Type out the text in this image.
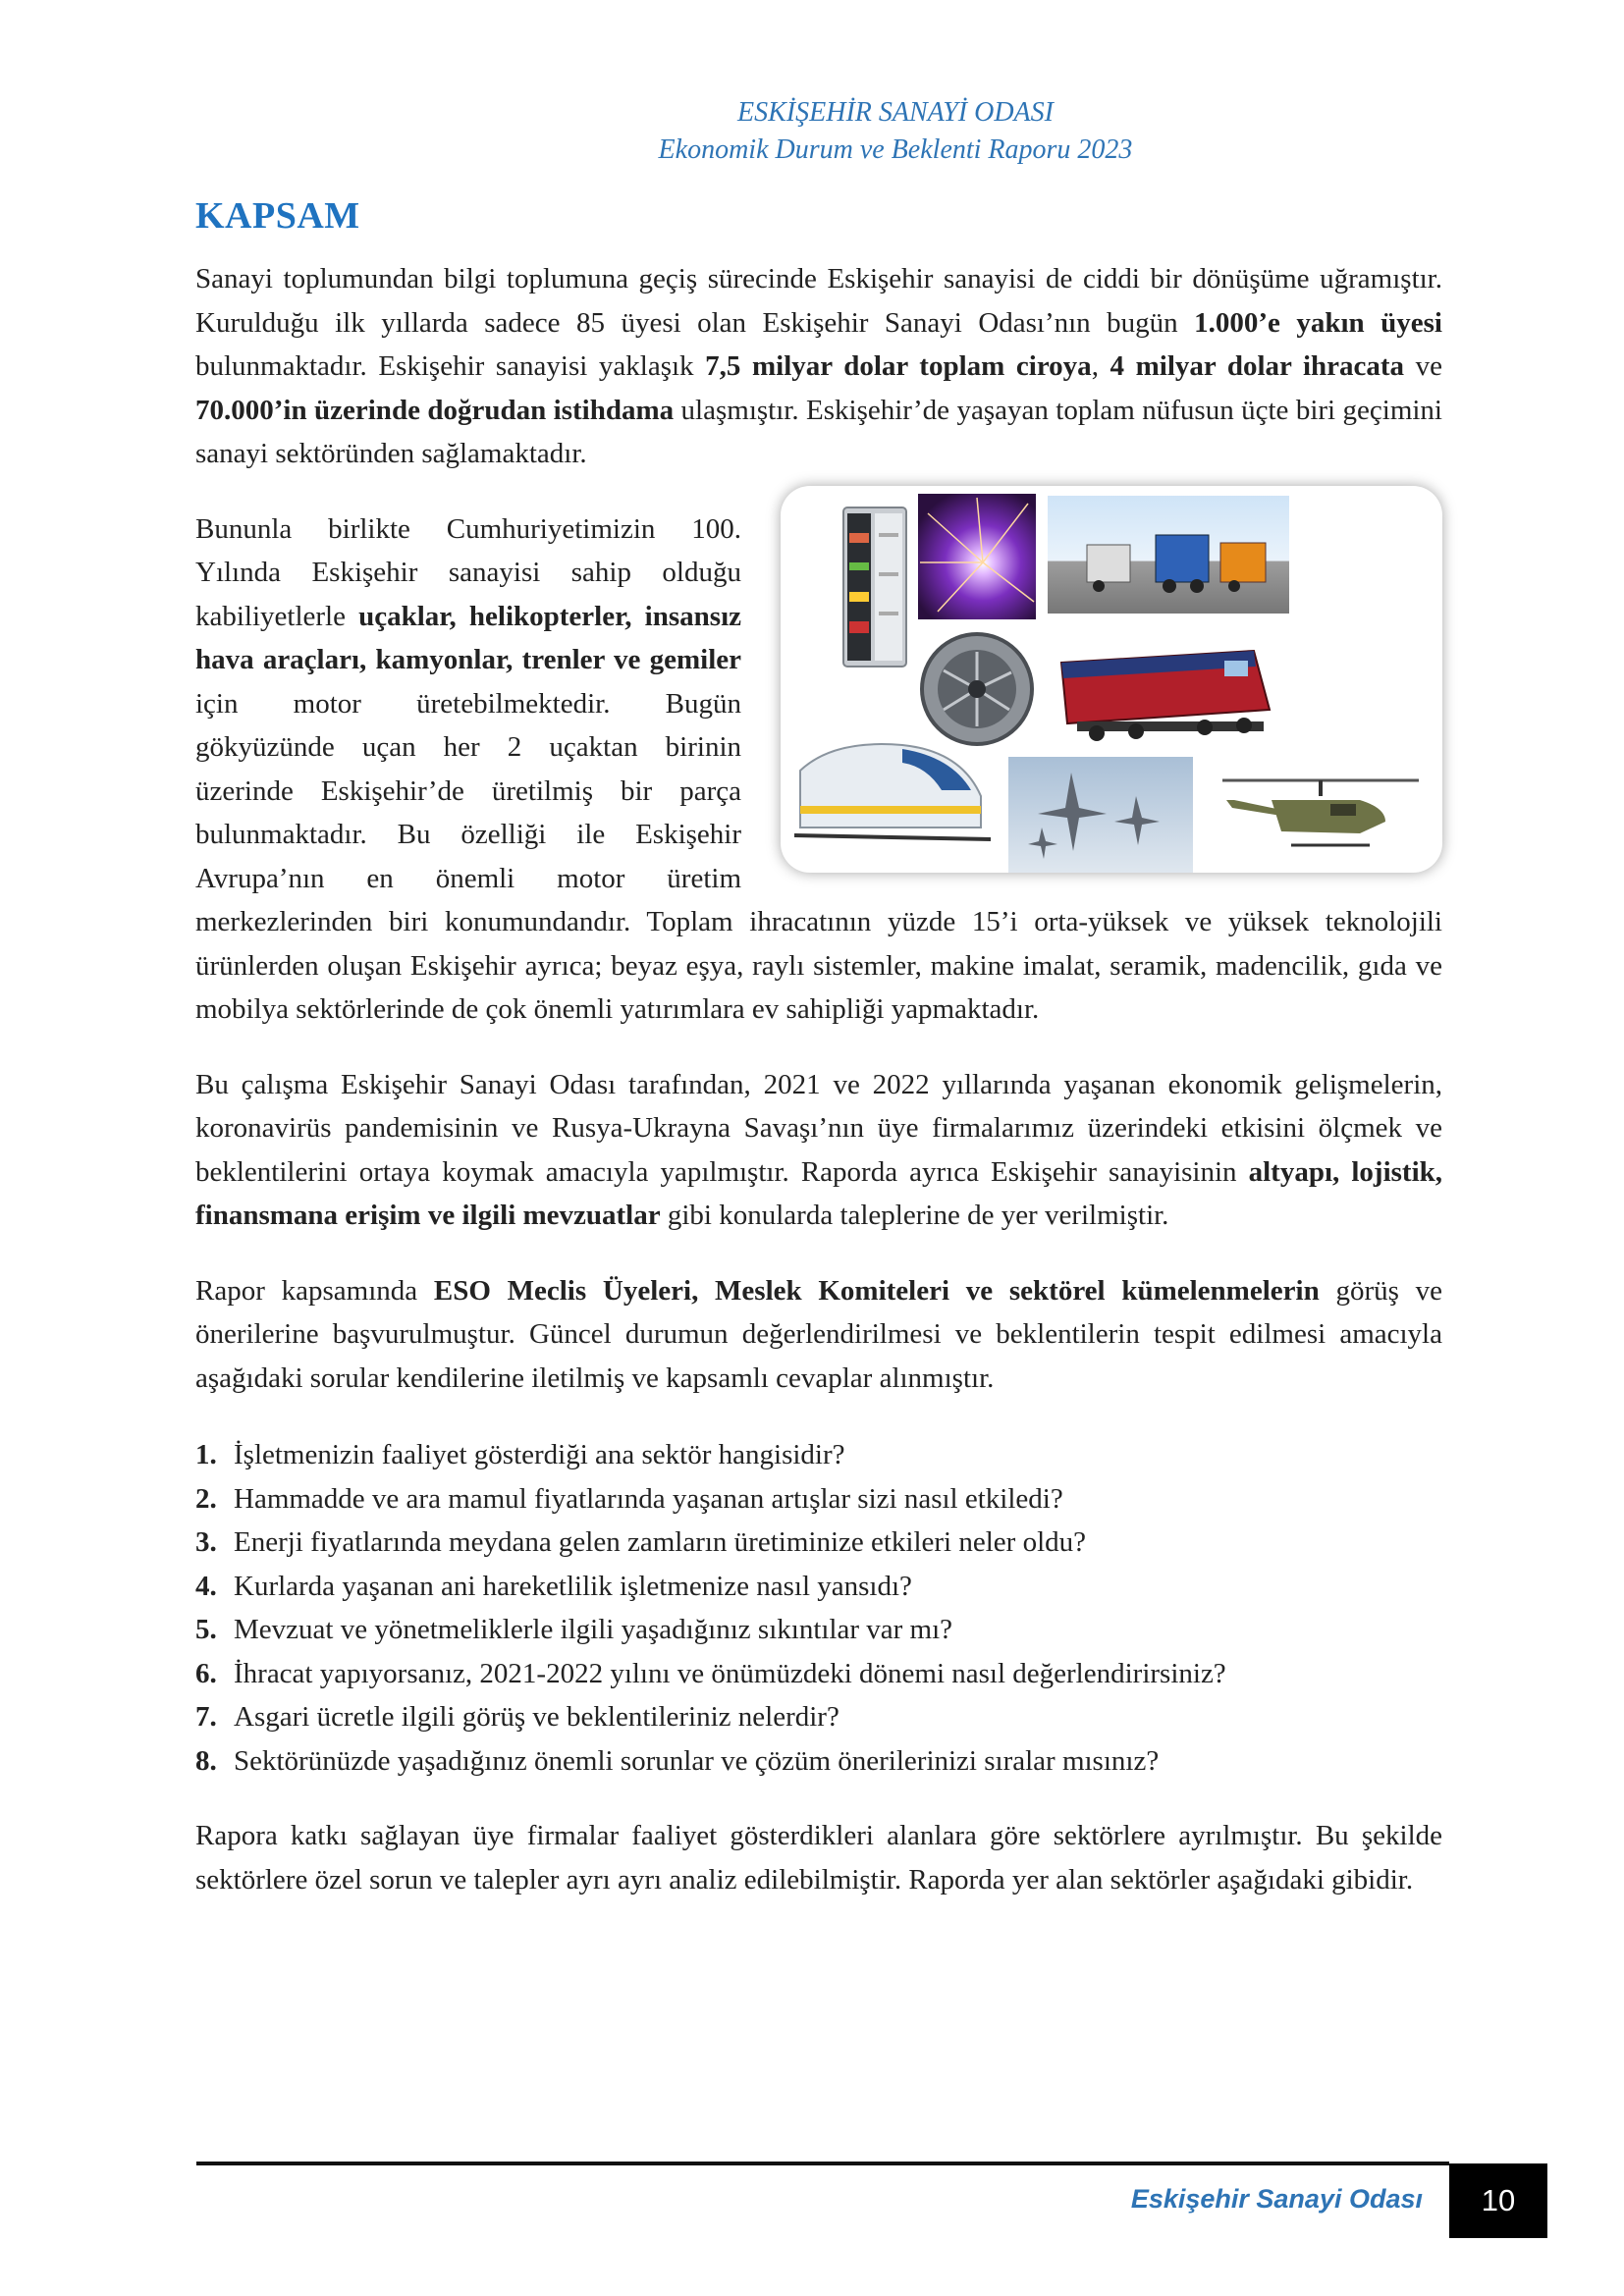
ESKİŞEHİR SANAYİ ODASI
Ekonomik Durum ve Beklenti Raporu 2023
KAPSAM

Sanayi toplumundan bilgi toplumuna geçiş sürecinde Eskişehir sanayisi de ciddi bir dönüşüme uğramıştır. Kurulduğu ilk yıllarda sadece 85 üyesi olan Eskişehir Sanayi Odası’nın bugün 1.000’e yakın üyesi bulunmaktadır. Eskişehir sanayisi yaklaşık 7,5 milyar dolar toplam ciroya, 4 milyar dolar ihracata ve 70.000’in üzerinde doğrudan istihdama ulaşmıştır. Eskişehir’de yaşayan toplam nüfusun üçte biri geçimini sanayi sektöründen sağlamaktadır.

Bununla birlikte Cumhuriyetimizin 100. Yılında Eskişehir sanayisi sahip olduğu kabiliyetlerle uçaklar, helikopterler, insansız hava araçları, kamyonlar, trenler ve gemiler için motor üretebilmektedir. Bugün gökyüzünde uçan her 2 uçaktan birinin üzerinde Eskişehir’de üretilmiş bir parça bulunmaktadır. Bu özelliği ile Eskişehir Avrupa’nın en önemli motor üretim merkezlerinden biri konumundandır. Toplam ihracatının yüzde 15’i orta-yüksek ve yüksek teknolojili ürünlerden oluşan Eskişehir ayrıca; beyaz eşya, raylı sistemler, makine imalat, seramik, madencilik, gıda ve mobilya sektörlerinde de çok önemli yatırımlara ev sahipliği yapmaktadır.

Bu çalışma Eskişehir Sanayi Odası tarafından, 2021 ve 2022 yıllarında yaşanan ekonomik gelişmelerin, koronavirüs pandemisinin ve Rusya-Ukrayna Savaşı’nın üye firmalarımız üzerindeki etkisini ölçmek ve beklentilerini ortaya koymak amacıyla yapılmıştır. Raporda ayrıca Eskişehir sanayisinin altyapı, lojistik, finansmana erişim ve ilgili mevzuatlar gibi konularda taleplerine de yer verilmiştir.

Rapor kapsamında ESO Meclis Üyeleri, Meslek Komiteleri ve sektörel kümelenmelerin görüş ve önerilerine başvurulmuştur. Güncel durumun değerlendirilmesi ve beklentilerin tespit edilmesi amacıyla aşağıdaki sorular kendilerine iletilmiş ve kapsamlı cevaplar alınmıştır.

1. İşletmenizin faaliyet gösterdiği ana sektör hangisidir?
2. Hammadde ve ara mamul fiyatlarında yaşanan artışlar sizi nasıl etkiledi?
3. Enerji fiyatlarında meydana gelen zamların üretiminize etkileri neler oldu?
4. Kurlarda yaşanan ani hareketlilik işletmenize nasıl yansıdı?
5. Mevzuat ve yönetmeliklerle ilgili yaşadığınız sıkıntılar var mı?
6. İhracat yapıyorsanız, 2021-2022 yılını ve önümüzdeki dönemi nasıl değerlendirirsiniz?
7. Asgari ücretle ilgili görüş ve beklentileriniz nelerdir?
8. Sektörünüzde yaşadığınız önemli sorunlar ve çözüm önerilerinizi sıralar mısınız?

Rapora katkı sağlayan üye firmalar faaliyet gösterdikleri alanlara göre sektörlere ayrılmıştır. Bu şekilde sektörlere özel sorun ve talepler ayrı ayrı analiz edilebilmiştir. Raporda yer alan sektörler aşağıdaki gibidir.

Eskişehir Sanayi Odası	10
